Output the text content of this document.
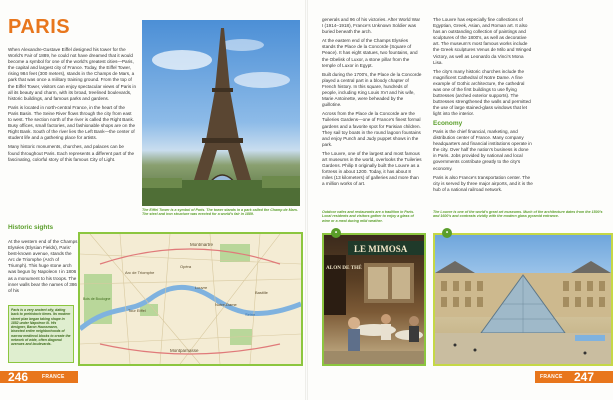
PARIS

When Alexandre-Gustave Eiffel designed his tower for the World's Fair of 1889, he could not have dreamed that it would become a symbol for one of the world's greatest cities—Paris, the capital and largest city of France. Today, the Eiffel Tower, rising 984 feet (300 meters), stands in the Champs de Mars, a park that was once a military training ground. From the top of the Eiffel Tower, visitors can enjoy spectacular views of Paris in all its beauty and charm, with its broad, treelined boulevards, historic buildings, and famous parks and gardens.

Paris is located in north-central France, in the heart of the Paris Basin. The Seine River flows through the city from east to west. The section north of the river is called the Right Bank. Busy offices, small factories, and fashionable shops are on the Right Bank. South of the river lies the Left Bank—the center of student life and a gathering place for artists.

Many historic monuments, churches, and palaces can be found throughout Paris. Each represents a different part of the fascinating, colorful story of this famous City of Light.

Historic sights

At the western end of the Champs Elysées (Elysian Fields), Paris' best-known avenue, stands the Arc de Triomphe (Arch of Triumph). This huge stone arch was begun by Napoleon I in 1806 as a monument to his troops. The inner walls bear the names of 386 of his

The Eiffel Tower is a symbol of Paris. The tower stands in a park called the Champ de Mars. The steel and iron structure was erected for a world's fair in 1889.
Montmartre
Arc de Triomphe
Tour Eiffel
Louvre
Notre-Dame
Montparnasse
Bois de Boulogne
Seine
Opéra
Bastille
Paris is a very ancient city, dating back to prehistoric times. Its modern street plan began taking shape in 1852 under Napoleon III. His designer, Baron Haussmann, bisected entire neighborhoods of narrow medieval blocks to create the network of wide, often diagonal avenues and boulevards.
246	FRANCE

generals and 96 of his victories. After World War I (1914–1918), France's Unknown Soldier was buried beneath the arch.

At the eastern end of the Champs Elysées stands the Place de la Concorde (Square of Peace). It has eight statues, two fountains, and the Obelisk of Luxor, a stone pillar from the temple of Luxor in Egypt.

Built during the 1700's, the Place de la Concorde played a central part in a bloody chapter of French history. In this square, hundreds of people, including King Louis XVI and his wife, Marie Antoinette, were beheaded by the guillotine.

Across from the Place de la Concorde are the Tuileries Gardens—one of France's finest formal gardens and a favorite spot for Parisian children. They sail toy boats in the round lagoon fountains and enjoy Punch and Judy puppet shows in the park.

The Louvre, one of the largest and most famous art museums in the world, overlooks the Tuileries Gardens. Philip II originally built the Louvre as a fortress in about 1200. Today, it has about 8 miles (13 kilometers) of galleries and more than a million works of art.

The Louvre has especially fine collections of Egyptian, Greek, Asian, and Roman art. It also has an outstanding collection of paintings and sculptures of the 1800's, as well as decorative art. The museum's most famous works include the Greek sculptures Venus de Milo and Winged Victory, as well as Leonardo da Vinci's Mona Lisa.

The city's many historic churches include the magnificent Cathedral of Notre Dame. A fine example of Gothic architecture, the cathedral was one of the first buildings to use flying buttresses (arched exterior supports). The buttresses strengthened the walls and permitted the use of large stained-glass windows that let light into the interior.

Economy

Paris is the chief financial, marketing, and distribution center of France. Many company headquarters and financial institutions operate in the city. Over half the nation's business is done in Paris. Jobs provided by national and local governments contribute greatly to the city's economy.

Paris is also France's transportation center. The city is served by three major airports, and it is the hub of a national railroad network.

Outdoor cafes and restaurants are a tradition in Paris. Local residents and visitors gather to enjoy a glass of wine or a meal during mild weather.
LE MIMOSA
ALON DE THÉ
•
The Louvre is one of the world's great art museums. Much of the architecture dates from the 1500's and 1600's and contrasts vividly with the modern glass pyramid entrance.
•
FRANCE 247
